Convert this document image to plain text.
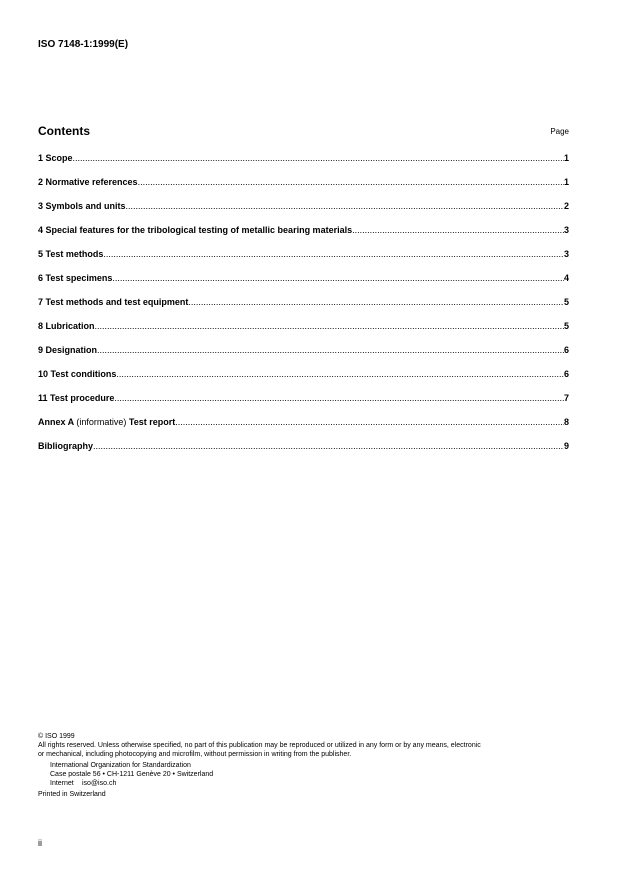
ISO 7148-1:1999(E)
Contents	Page
1 Scope .....	1
2 Normative references .....	1
3 Symbols and units .....	2
4 Special features for the tribological testing of metallic bearing materials .....	3
5 Test methods .....	3
6 Test specimens .....	4
7 Test methods and test equipment .....	5
8 Lubrication .....	5
9 Designation .....	6
10 Test conditions .....	6
11 Test procedure .....	7
Annex A (informative) Test report .....	8
Bibliography .....	9
© ISO 1999
All rights reserved. Unless otherwise specified, no part of this publication may be reproduced or utilized in any form or by any means, electronic
or mechanical, including photocopying and microfilm, without permission in writing from the publisher.
International Organization for Standardization
Case postale 56 • CH-1211 Genève 20 • Switzerland
Internet iso@iso.ch
Printed in Switzerland
ii
